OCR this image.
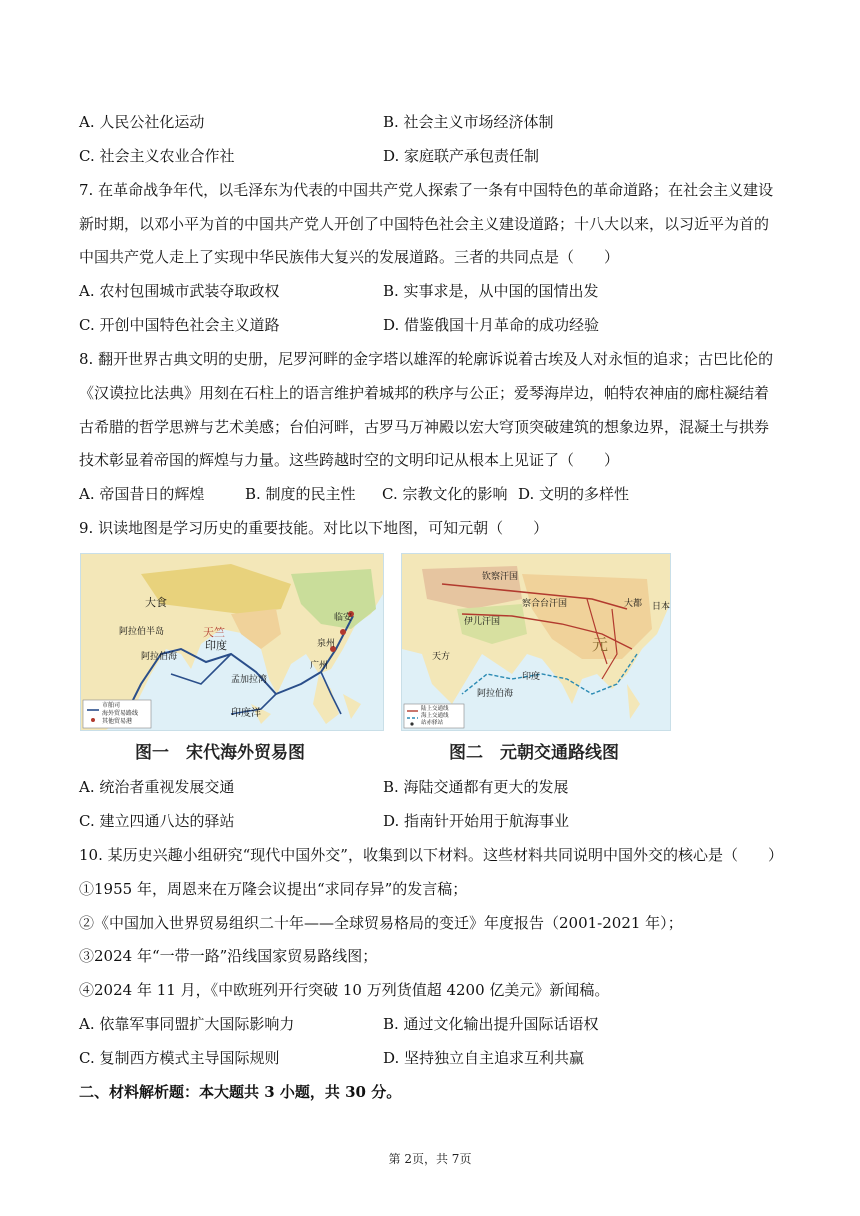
A. 人民公社化运动	B. 社会主义市场经济体制
C. 社会主义农业合作社	D. 家庭联产承包责任制
7. 在革命战争年代，以毛泽东为代表的中国共产党人探索了一条有中国特色的革命道路；在社会主义建设
新时期，以邓小平为首的中国共产党人开创了中国特色社会主义建设道路；十八大以来，以习近平为首的
中国共产党人走上了实现中华民族伟大复兴的发展道路。三者的共同点是（　　）
A. 农村包围城市武装夺取政权	B. 实事求是，从中国的国情出发
C. 开创中国特色社会主义道路	D. 借鉴俄国十月革命的成功经验
8. 翻开世界古典文明的史册，尼罗河畔的金字塔以雄浑的轮廓诉说着古埃及人对永恒的追求；古巴比伦的
《汉谟拉比法典》用刻在石柱上的语言维护着城邦的秩序与公正；爱琴海岸边，帕特农神庙的廊柱凝结着
古希腊的哲学思辨与艺术美感；台伯河畔，古罗马万神殿以宏大穹顶突破建筑的想象边界，混凝土与拱券
技术彰显着帝国的辉煌与力量。这些跨越时空的文明印记从根本上见证了（　　）
A. 帝国昔日的辉煌	B. 制度的民主性 C. 宗教文化的影响 D. 文明的多样性
9. 识读地图是学习历史的重要技能。对比以下地图，可知元朝（　　）
大食
天竺
印度
临安
泉州
广州
阿拉伯半岛
阿拉伯海
孟加拉湾
印度洋
市舶司
海外贸易路线
其他贸易港
图一　宋代海外贸易图
钦察汗国
察合台汗国
伊儿汗国
元
大都 日本
印度
阿拉伯海
天方
陆上交通线
海上交通线
站赤驿站
图二　元朝交通路线图
A. 统治者重视发展交通	B. 海陆交通都有更大的发展
C. 建立四通八达的驿站	D. 指南针开始用于航海事业
10. 某历史兴趣小组研究“现代中国外交”，收集到以下材料。这些材料共同说明中国外交的核心是（　　）
①1955 年，周恩来在万隆会议提出“求同存异”的发言稿；
②《中国加入世界贸易组织二十年——全球贸易格局的变迁》年度报告（2001-2021 年）；
③2024 年“一带一路”沿线国家贸易路线图；
④2024 年 11 月，《中欧班列开行突破 10 万列货值超 4200 亿美元》新闻稿。
A. 依靠军事同盟扩大国际影响力	B. 通过文化输出提升国际话语权
C. 复制西方模式主导国际规则	D. 坚持独立自主追求互利共赢
二、材料解析题：本大题共 3 小题，共 30 分。
第 2页，共 7页
